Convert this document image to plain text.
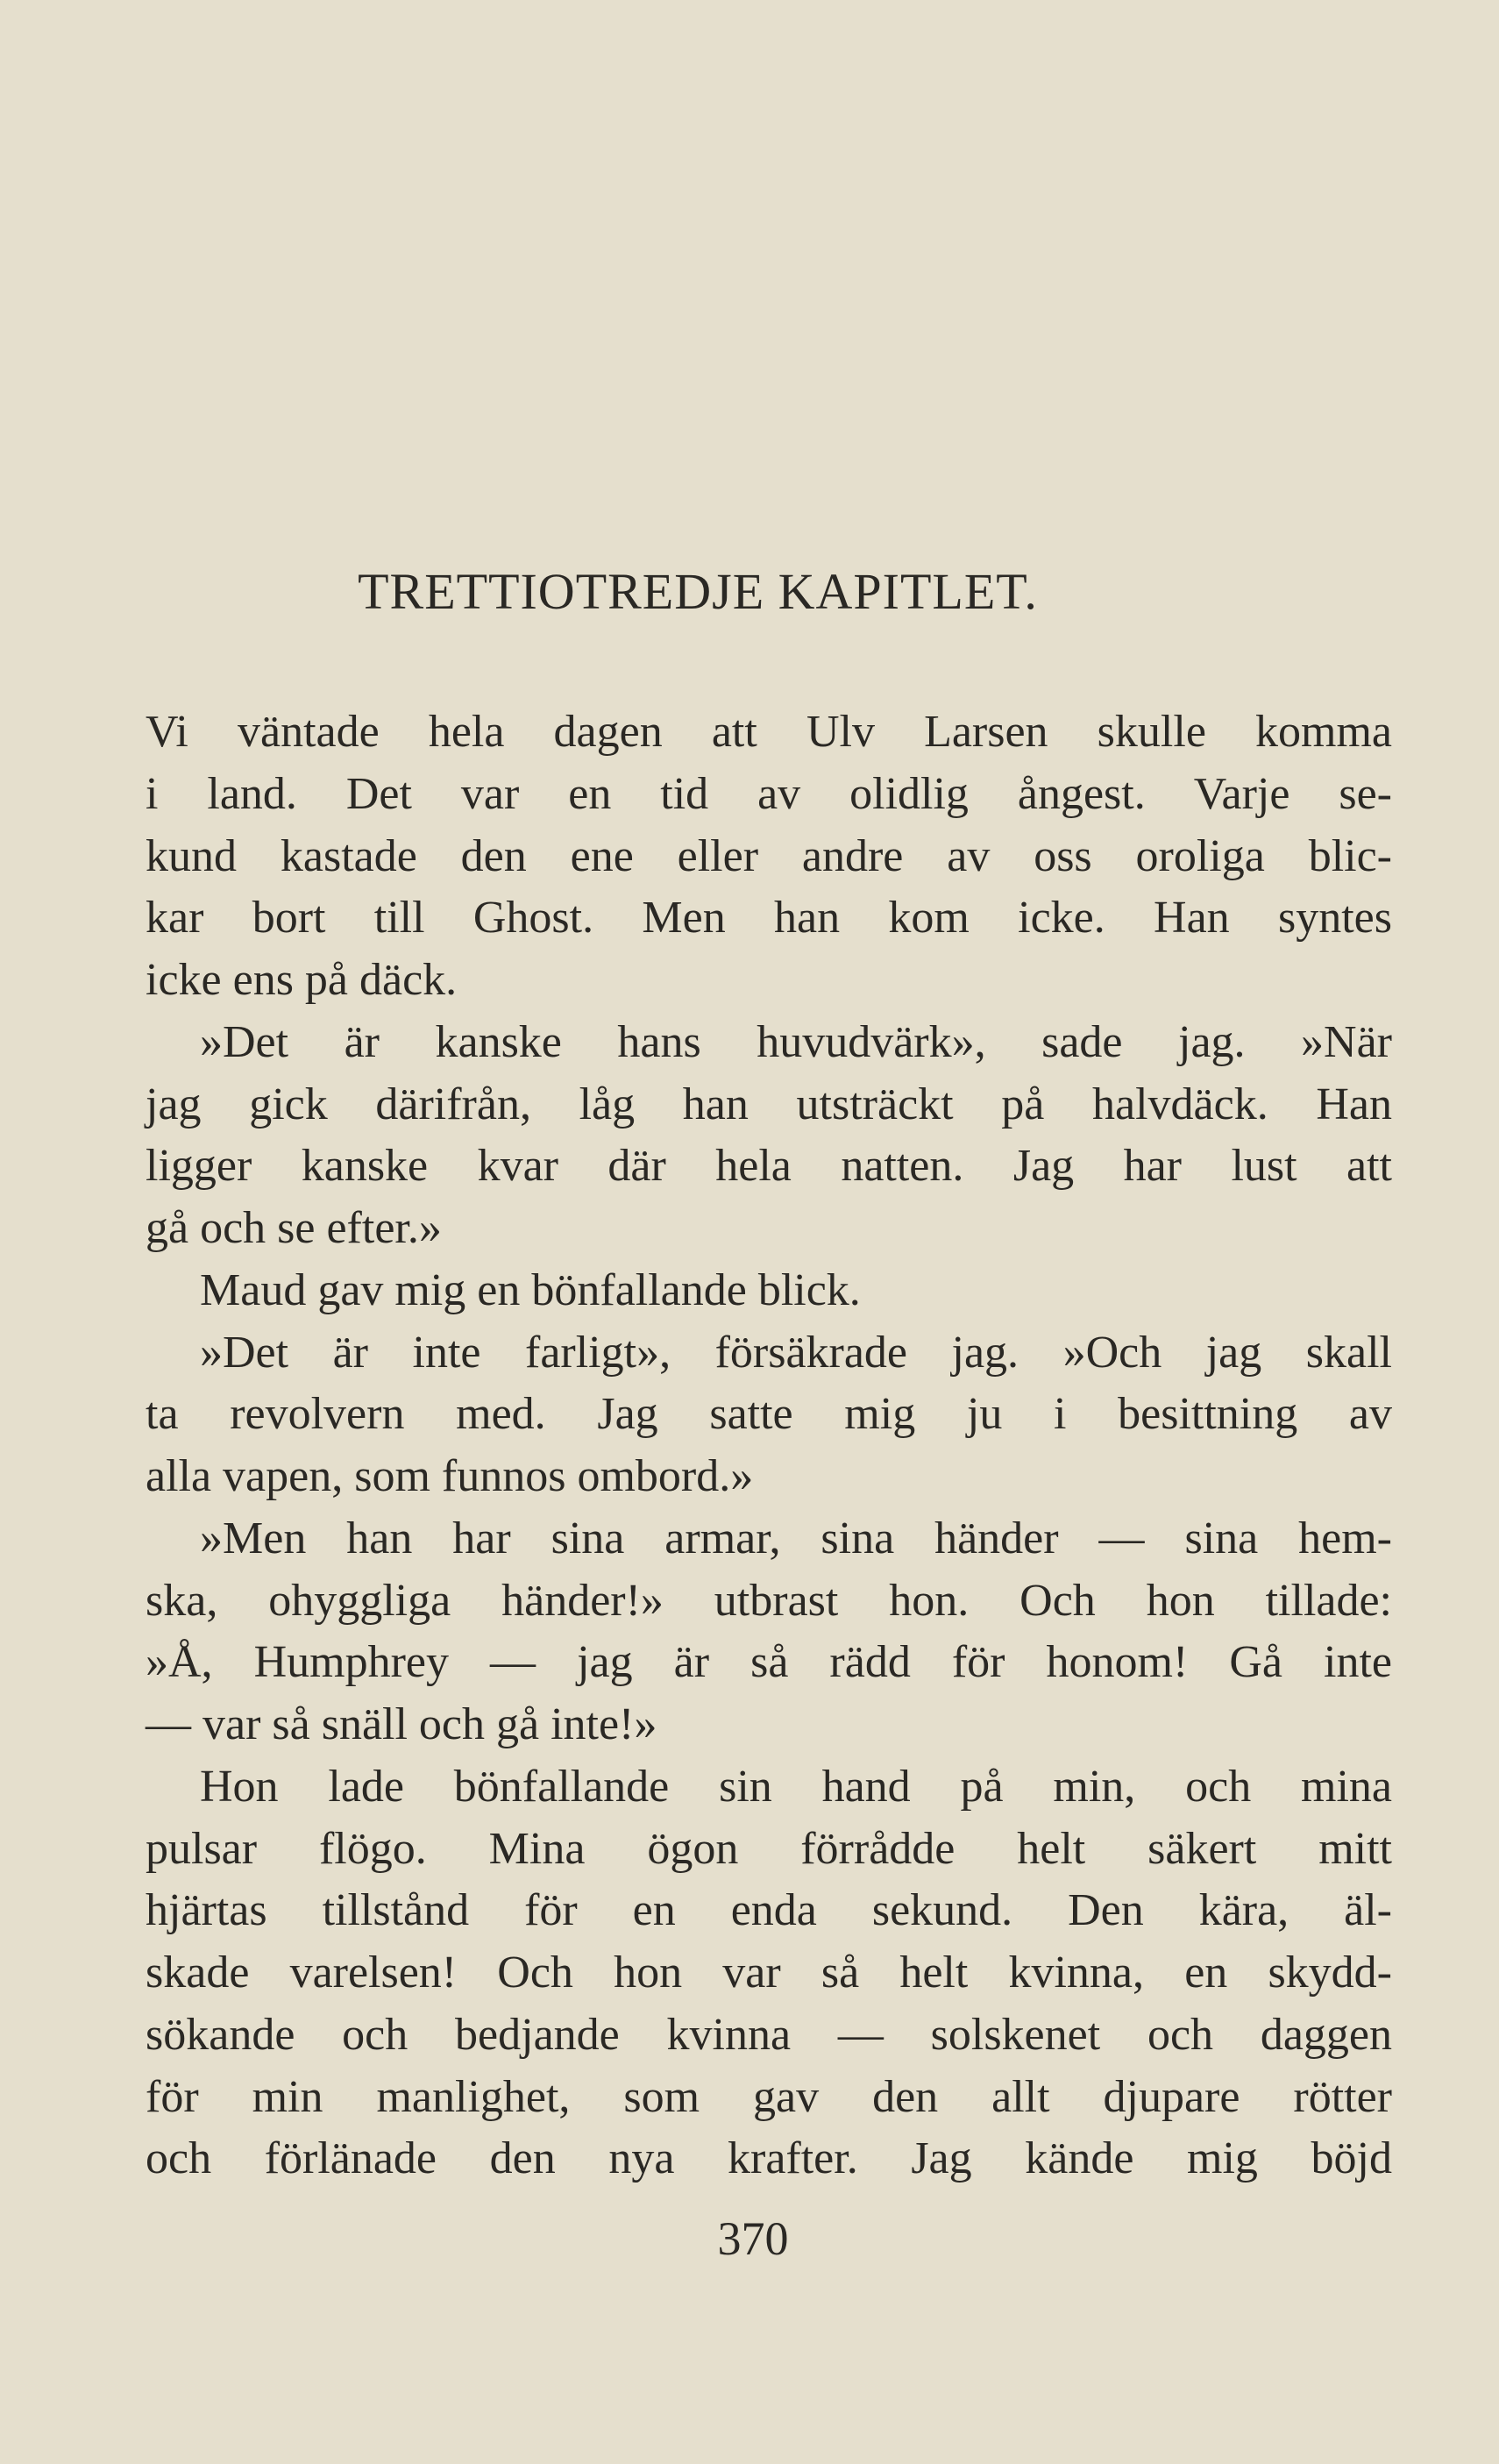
TRETTIOTREDJE KAPITLET.
Vi väntade hela dagen att Ulv Larsen skulle komma
i land. Det var en tid av olidlig ångest. Varje se-
kund kastade den ene eller andre av oss oroliga blic-
kar bort till Ghost. Men han kom icke. Han syntes
icke ens på däck.
»Det är kanske hans huvudvärk», sade jag. »När
jag gick därifrån, låg han utsträckt på halvdäck. Han
ligger kanske kvar där hela natten. Jag har lust att
gå och se efter.»
Maud gav mig en bönfallande blick.
»Det är inte farligt», försäkrade jag. »Och jag skall
ta revolvern med. Jag satte mig ju i besittning av
alla vapen, som funnos ombord.»
»Men han har sina armar, sina händer — sina hem-
ska, ohyggliga händer!» utbrast hon. Och hon tillade:
»Å, Humphrey — jag är så rädd för honom! Gå inte
— var så snäll och gå inte!»
Hon lade bönfallande sin hand på min, och mina
pulsar flögo. Mina ögon förrådde helt säkert mitt
hjärtas tillstånd för en enda sekund. Den kära, äl-
skade varelsen! Och hon var så helt kvinna, en skydd-
sökande och bedjande kvinna — solskenet och daggen
för min manlighet, som gav den allt djupare rötter
och förlänade den nya krafter. Jag kände mig böjd
370
